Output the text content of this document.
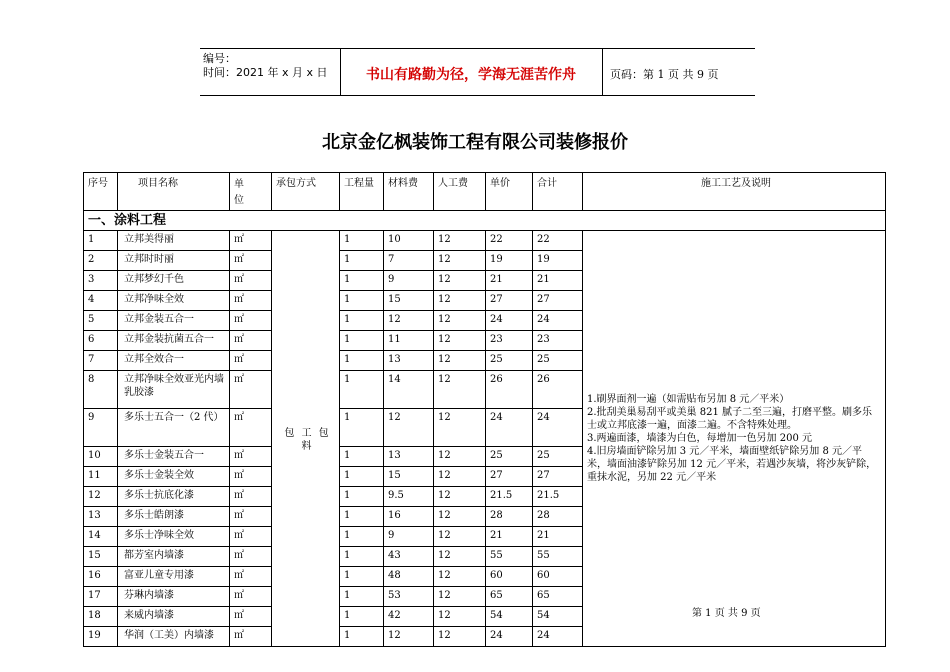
编号：
时间：2021 年 x 月 x 日	书山有路勤为径，学海无涯苦作舟	页码：第 1 页 共 9 页
北京金亿枫装饰工程有限公司装修报价
序号	项目名称	单位	承包方式	工程量	材料费	人工费	单价	合计	施工工艺及说明
一、涂料工程									
1	立邦美得丽	㎡	包 工 包 料	1	10	12	22	22	1.刷界面剂一遍（如需贴布另加 8 元／平米）

2.批刮美巢易刮平或美巢 821 腻子二至三遍，打磨平整。刷多乐士或立邦底漆一遍，面漆二遍。不含特殊处理。

3.两遍面漆，墙漆为白色，每增加一色另加 200 元

4.旧房墙面铲除另加 3 元／平米，墙面壁纸铲除另加 8 元／平米，墙面油漆铲除另加 12 元／平米，若遇沙灰墙，将沙灰铲除，重抹水泥，另加 22 元／平米

2	立邦时时丽	㎡		1	7	12	19	19	
3	立邦梦幻千色	㎡		1	9	12	21	21	
4	立邦净味全效	㎡		1	15	12	27	27	
5	立邦金装五合一	㎡		1	12	12	24	24	
6	立邦金装抗菌五合一	㎡		1	11	12	23	23	
7	立邦全效合一	㎡		1	13	12	25	25	
8	立邦净味全效亚光内墙乳胶漆	㎡		1	14	12	26	26	
9	多乐士五合一（2 代）	㎡		1	12	12	24	24	
10	多乐士金装五合一	㎡		1	13	12	25	25	
11	多乐士金装全效	㎡		1	15	12	27	27	
12	多乐士抗底化漆	㎡		1	9.5	12	21.5	21.5	
13	多乐士皓朗漆	㎡		1	16	12	28	28	
14	多乐士净味全效	㎡		1	9	12	21	21	
15	都芳室内墙漆	㎡		1	43	12	55	55	
16	富亚儿童专用漆	㎡		1	48	12	60	60	
17	芬琳内墙漆	㎡		1	53	12	65	65	
18	来威内墙漆	㎡		1	42	12	54	54	
19	华润（工美）内墙漆	㎡		1	12	12	24	24	
第 1 页 共 9 页
